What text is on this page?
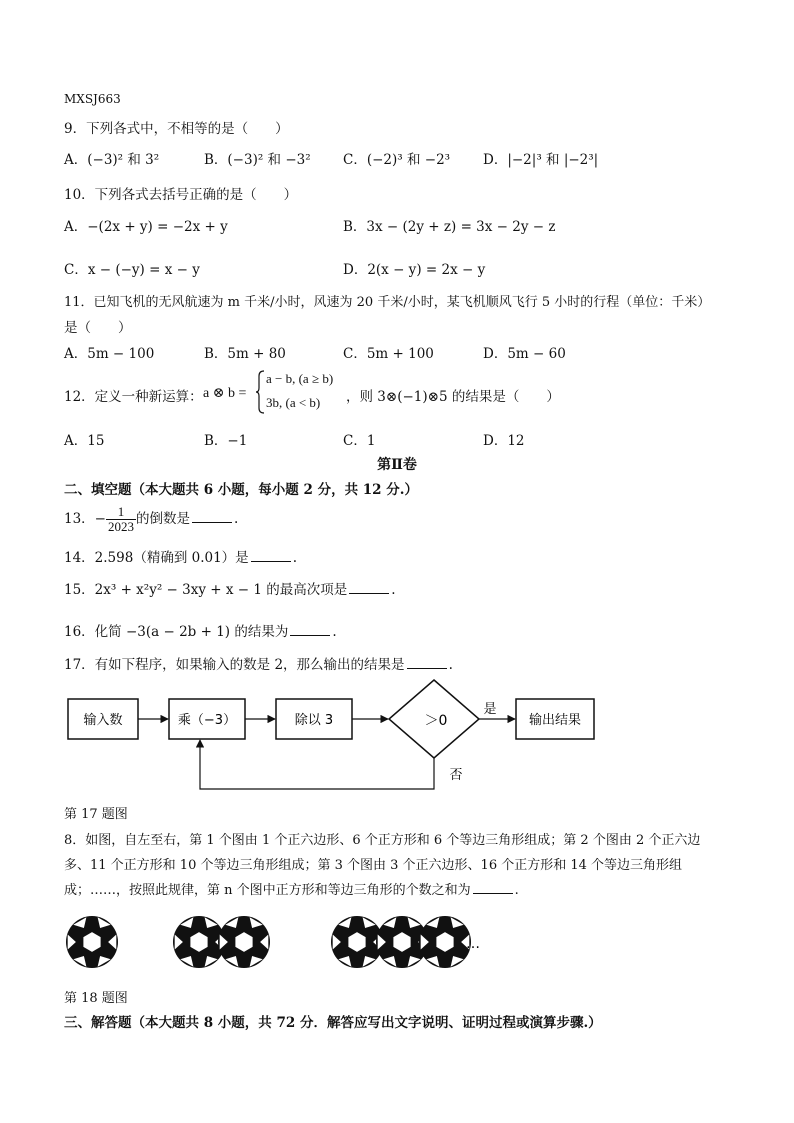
MXSJ663
9．下列各式中，不相等的是（　　）
A．(−3)² 和 3²	B．(−3)² 和 −3² C．(−2)³ 和 −2³ D．|−2|³ 和 |−2³|
10．下列各式去括号正确的是（　　）
A．−(2x + y) = −2x + y	B．3x − (2y + z) = 3x − 2y − z
C．x − (−y) = x − y	D．2(x − y) = 2x − y
11．已知飞机的无风航速为 m 千米/小时，风速为 20 千米/小时，某飞机顺风飞行 5 小时的行程（单位：千米）
是（　　）
A．5m − 100	B．5m + 80	C．5m + 100	D．5m − 60
12．定义一种新运算： a ⊗ b =
a − b, (a ≥ b)
3b, (a < b) ，则 3⊗(−1)⊗5 的结果是（　　）
A．15	B．−1	C．1	D．12
第Ⅱ卷
二、填空题（本大题共 6 小题，每小题 2 分，共 12 分.）
13．− $\frac{1}{2023}$ 的倒数是	.
14．2.598（精确到 0.01）是	.
15．2x³ + x²y² − 3xy + x − 1 的最高次项是	.
16．化简 −3(a − 2b + 1) 的结果为	.
17．有如下程序，如果输入的数是 2，那么输出的结果是	.
输入数	乘（−3）	除以 3	＞0
是
输出结果
否
第 17 题图
8．如图，自左至右，第 1 个图由 1 个正六边形、6 个正方形和 6 个等边三角形组成；第 2 个图由 2 个正六边
多、11 个正方形和 10 个等边三角形组成；第 3 个图由 3 个正六边形、16 个正方形和 14 个等边三角形组
成；……，按照此规律，第 n 个图中正方形和等边三角形的个数之和为	.
…
第 18 题图
三、解答题（本大题共 8 小题，共 72 分．解答应写出文字说明、证明过程或演算步骤.）
